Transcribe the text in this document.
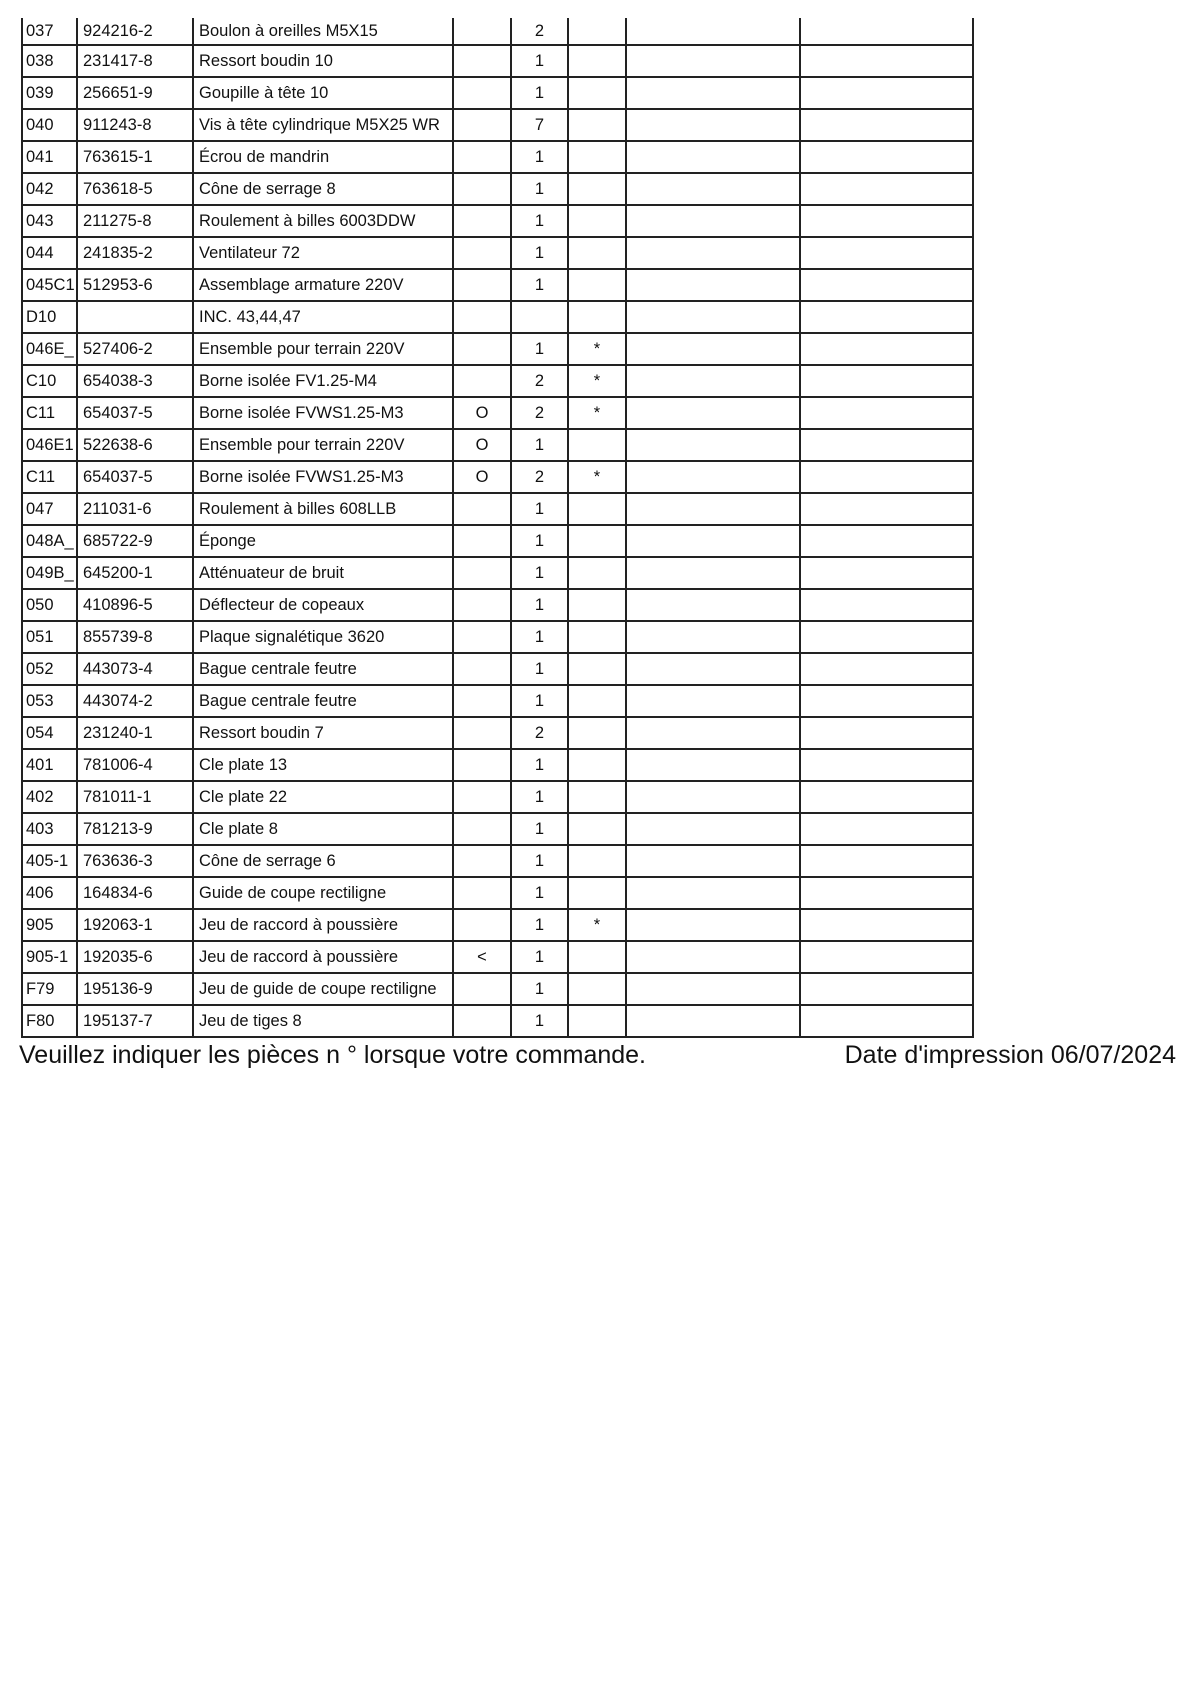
037	924216-2	Boulon à oreilles M5X15	2
038	231417-8	Ressort boudin 10	1
039	256651-9	Goupille à tête 10	1
040	911243-8	Vis à tête cylindrique M5X25 WR	7
041	763615-1	Écrou de mandrin	1
042	763618-5	Cône de serrage 8	1
043	211275-8	Roulement à billes 6003DDW	1
044	241835-2	Ventilateur 72	1
045C1 512953-6	Assemblage armature 220V	1
D10	INC. 43,44,47
046E_ 527406-2	Ensemble pour terrain 220V	1	*
C10	654038-3	Borne isolée FV1.25-M4	2	*
C11	654037-5	Borne isolée FVWS1.25-M3	O	2	*
046E1 522638-6	Ensemble pour terrain 220V	O	1
C11	654037-5	Borne isolée FVWS1.25-M3	O	2	*
047	211031-6	Roulement à billes 608LLB	1
048A_ 685722-9	Éponge	1
049B_ 645200-1	Atténuateur de bruit	1
050	410896-5	Déflecteur de copeaux	1
051	855739-8	Plaque signalétique 3620	1
052	443073-4	Bague centrale feutre	1
053	443074-2	Bague centrale feutre	1
054	231240-1	Ressort boudin 7	2
401	781006-4	Cle plate 13	1
402	781011-1	Cle plate 22	1
403	781213-9	Cle plate 8	1
405-1 763636-3	Cône de serrage 6	1
406	164834-6	Guide de coupe rectiligne	1
905	192063-1	Jeu de raccord à poussière	1	*
905-1 192035-6	Jeu de raccord à poussière	<	1
F79	195136-9	Jeu de guide de coupe rectiligne	1
F80	195137-7	Jeu de tiges 8	1
Veuillez indiquer les pièces n ° lorsque votre commande.	Date d'impression 06/07/2024
